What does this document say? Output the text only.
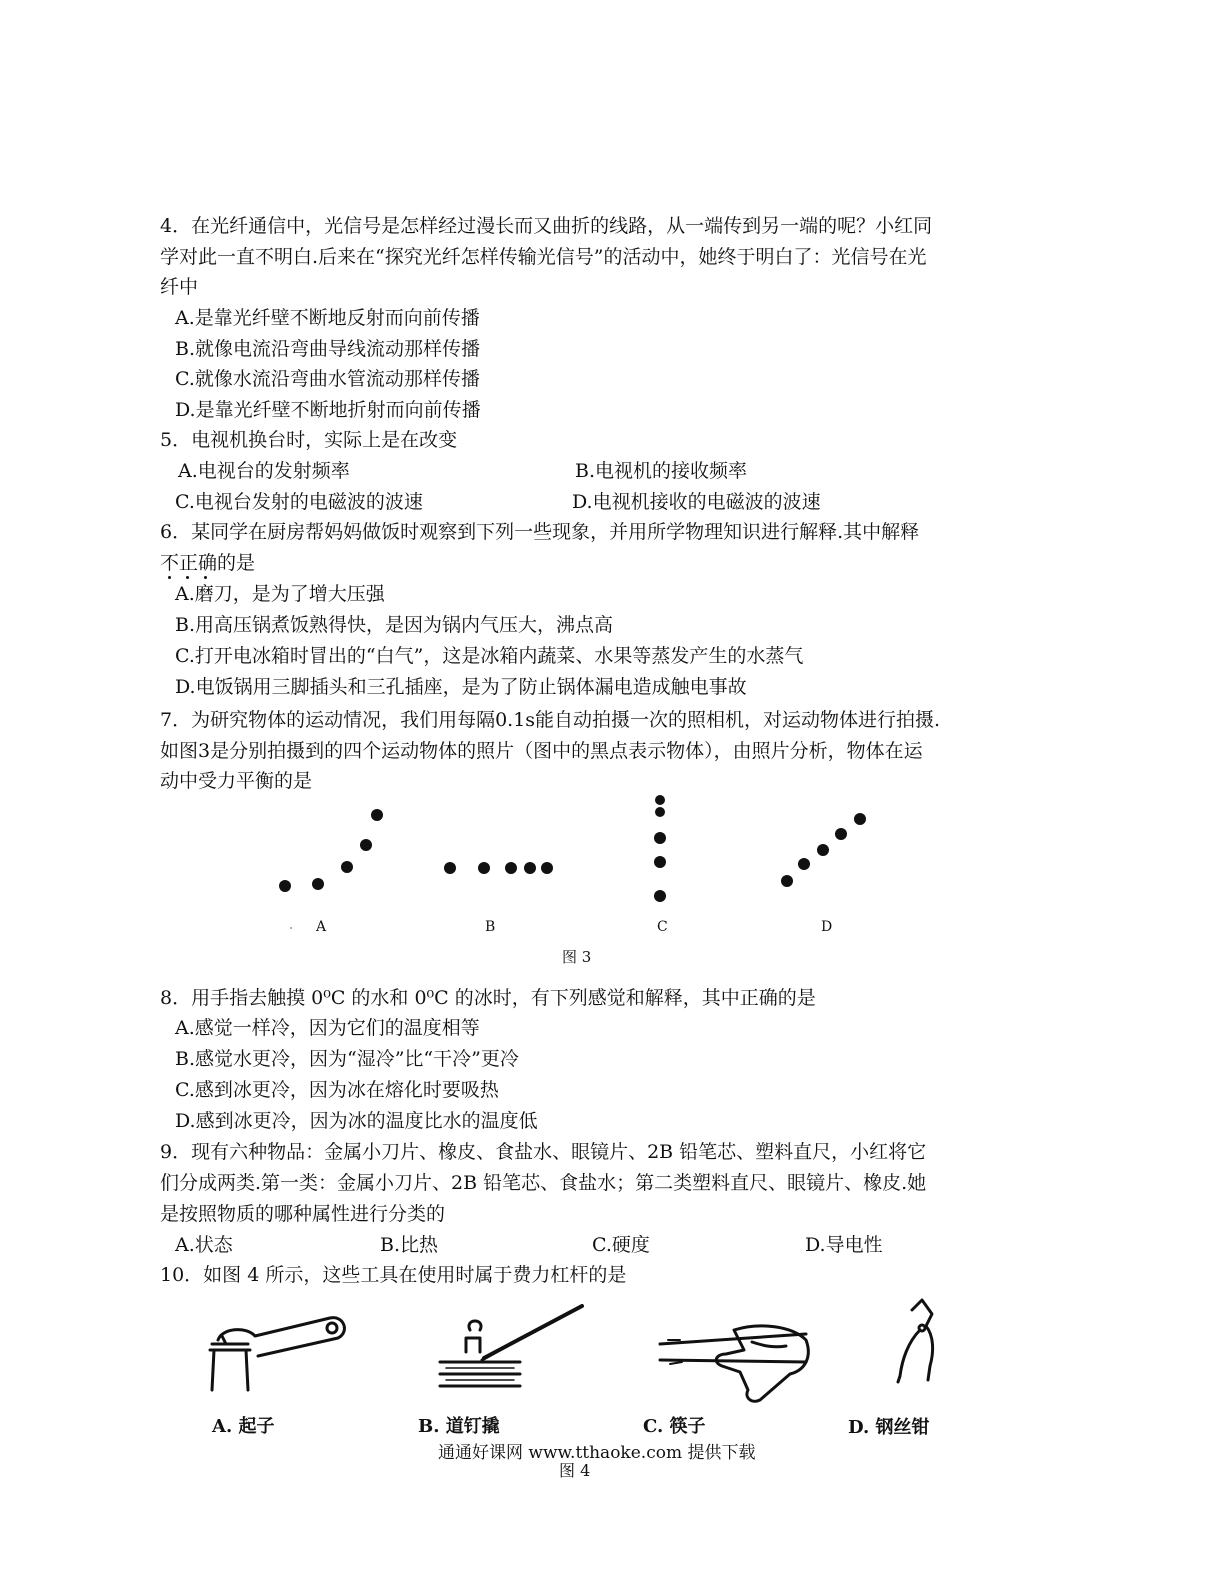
4．在光纤通信中，光信号是怎样经过漫长而又曲折的线路，从一端传到另一端的呢？小红同
学对此一直不明白.后来在“探究光纤怎样传输光信号”的活动中，她终于明白了：光信号在光
纤中
A.是靠光纤壁不断地反射而向前传播
B.就像电流沿弯曲导线流动那样传播
C.就像水流沿弯曲水管流动那样传播
D.是靠光纤壁不断地折射而向前传播
5．电视机换台时，实际上是在改变
A.电视台的发射频率	B.电视机的接收频率
C.电视台发射的电磁波的波速	D.电视机接收的电磁波的波速
6．某同学在厨房帮妈妈做饭时观察到下列一些现象，并用所学物理知识进行解释.其中解释
不正确的是
A.磨刀，是为了增大压强
B.用高压锅煮饭熟得快，是因为锅内气压大，沸点高
C.打开电冰箱时冒出的“白气”，这是冰箱内蔬菜、水果等蒸发产生的水蒸气
D.电饭锅用三脚插头和三孔插座，是为了防止锅体漏电造成触电事故
7．为研究物体的运动情况，我们用每隔0.1s能自动拍摄一次的照相机，对运动物体进行拍摄.
如图3是分别拍摄到的四个运动物体的照片（图中的黑点表示物体），由照片分析，物体在运
动中受力平衡的是
A	B	C	D
图 3
8．用手指去触摸 0⁰C 的水和 0⁰C 的冰时，有下列感觉和解释，其中正确的是
A.感觉一样冷，因为它们的温度相等
B.感觉水更冷，因为“湿冷”比“干冷”更冷
C.感到冰更冷，因为冰在熔化时要吸热
D.感到冰更冷，因为冰的温度比水的温度低
9．现有六种物品：金属小刀片、橡皮、食盐水、眼镜片、2B 铅笔芯、塑料直尺，小红将它
们分成两类.第一类：金属小刀片、2B 铅笔芯、食盐水；第二类塑料直尺、眼镜片、橡皮.她
是按照物质的哪种属性进行分类的
A.状态	B.比热	C.硬度	D.导电性
10．如图 4 所示，这些工具在使用时属于费力杠杆的是
A. 起子	B. 道钉撬	C. 筷子	D. 钢丝钳
通通好课网 www.tthaoke.com 提供下载
图 4
